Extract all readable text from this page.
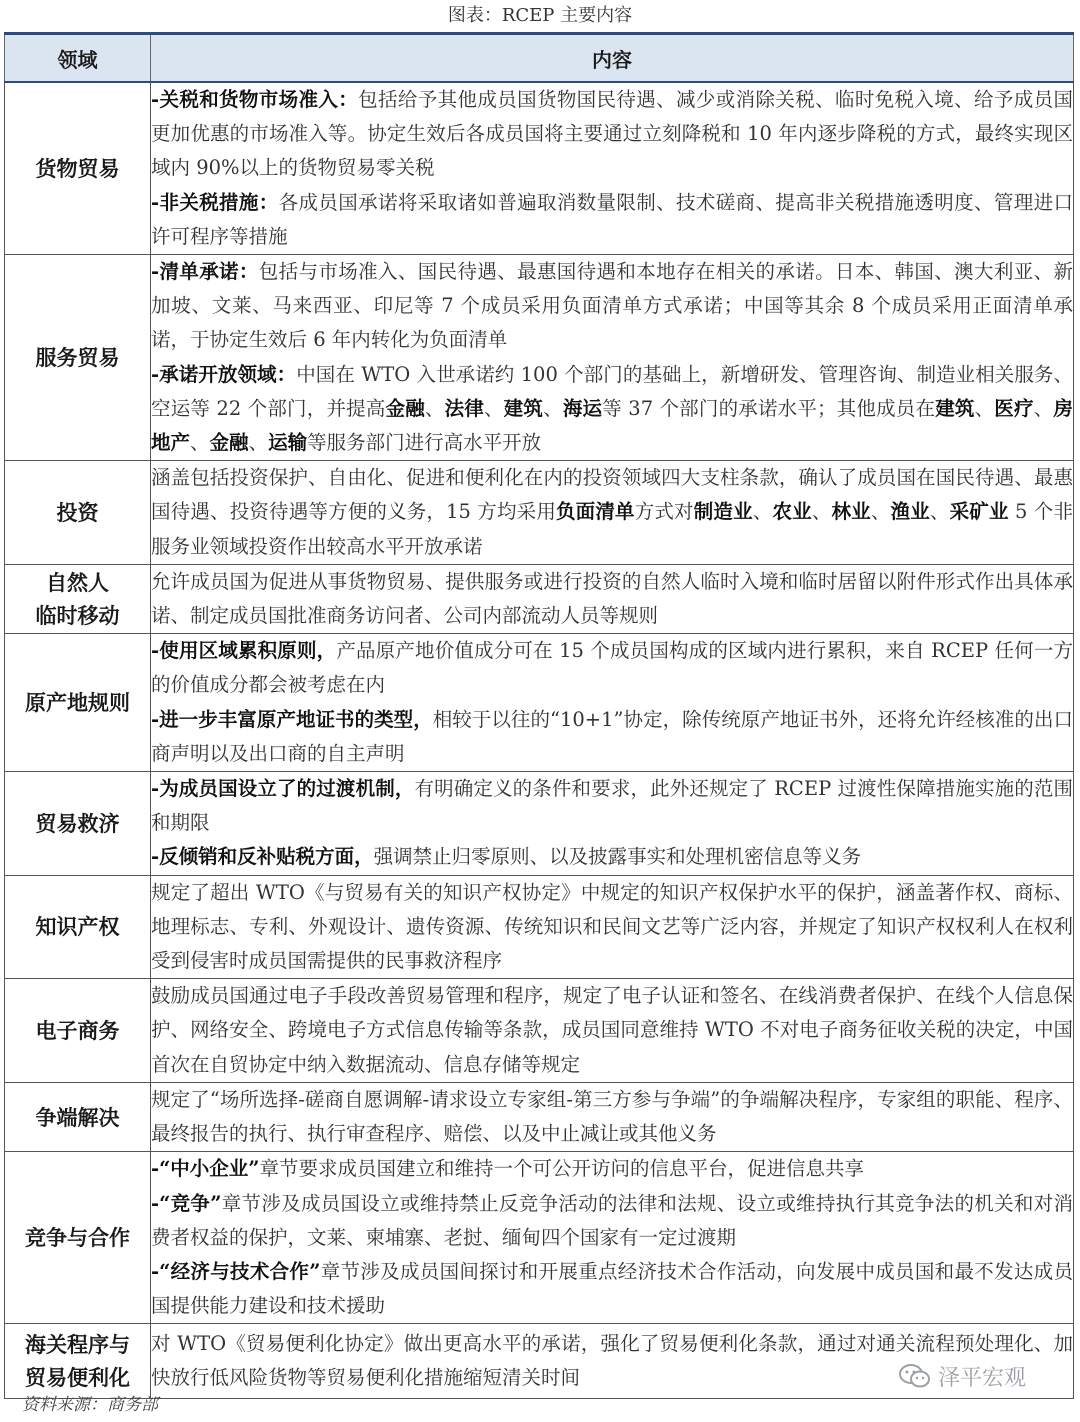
图表：RCEP 主要内容
领域	内容
货物贸易	-关税和货物市场准入：包括给予其他成员国货物国民待遇、减少或消除关税、临时免税入境、给予成员国更加优惠的市场准入等。协定生效后各成员国将主要通过立刻降税和 10 年内逐步降税的方式，最终实现区域内 90%以上的货物贸易零关税
-非关税措施：各成员国承诺将采取诸如普遍取消数量限制、技术磋商、提高非关税措施透明度、管理进口许可程序等措施

服务贸易	-清单承诺：包括与市场准入、国民待遇、最惠国待遇和本地存在相关的承诺。日本、韩国、澳大利亚、新加坡、文莱、马来西亚、印尼等 7 个成员采用负面清单方式承诺；中国等其余 8 个成员采用正面清单承诺，于协定生效后 6 年内转化为负面清单
-承诺开放领域：中国在 WTO 入世承诺约 100 个部门的基础上，新增研发、管理咨询、制造业相关服务、空运等 22 个部门，并提高金融、法律、建筑、海运等 37 个部门的承诺水平；其他成员在建筑、医疗、房地产、金融、运输等服务部门进行高水平开放

投资	涵盖包括投资保护、自由化、促进和便利化在内的投资领域四大支柱条款，确认了成员国在国民待遇、最惠国待遇、投资待遇等方便的义务，15 方均采用负面清单方式对制造业、农业、林业、渔业、采矿业 5 个非服务业领域投资作出较高水平开放承诺

自然人
临时移动	允许成员国为促进从事货物贸易、提供服务或进行投资的自然人临时入境和临时居留以附件形式作出具体承诺、制定成员国批准商务访问者、公司内部流动人员等规则

原产地规则	-使用区域累积原则，产品原产地价值成分可在 15 个成员国构成的区域内进行累积，来自 RCEP 任何一方的价值成分都会被考虑在内
-进一步丰富原产地证书的类型，相较于以往的“10+1”协定，除传统原产地证书外，还将允许经核准的出口商声明以及出口商的自主声明

贸易救济	-为成员国设立了的过渡机制，有明确定义的条件和要求，此外还规定了 RCEP 过渡性保障措施实施的范围和期限
-反倾销和反补贴税方面，强调禁止归零原则、以及披露事实和处理机密信息等义务

知识产权	规定了超出 WTO《与贸易有关的知识产权协定》中规定的知识产权保护水平的保护，涵盖著作权、商标、地理标志、专利、外观设计、遗传资源、传统知识和民间文艺等广泛内容，并规定了知识产权权利人在权利受到侵害时成员国需提供的民事救济程序

电子商务	鼓励成员国通过电子手段改善贸易管理和程序，规定了电子认证和签名、在线消费者保护、在线个人信息保护、网络安全、跨境电子方式信息传输等条款，成员国同意维持 WTO 不对电子商务征收关税的决定，中国首次在自贸协定中纳入数据流动、信息存储等规定

争端解决	规定了“场所选择-磋商自愿调解-请求设立专家组-第三方参与争端”的争端解决程序，专家组的职能、程序、最终报告的执行、执行审查程序、赔偿、以及中止减让或其他义务

竞争与合作	-“中小企业”章节要求成员国建立和维持一个可公开访问的信息平台，促进信息共享
-“竞争”章节涉及成员国设立或维持禁止反竞争活动的法律和法规、设立或维持执行其竞争法的机关和对消费者权益的保护，文莱、柬埔寨、老挝、缅甸四个国家有一定过渡期
-“经济与技术合作”章节涉及成员国间探讨和开展重点经济技术合作活动，向发展中成员国和最不发达成员国提供能力建设和技术援助

海关程序与
贸易便利化	对 WTO《贸易便利化协定》做出更高水平的承诺，强化了贸易便利化条款，通过对通关流程预处理化、加快放行低风险货物等贸易便利化措施缩短清关时间
资料来源：商务部
泽平宏观
